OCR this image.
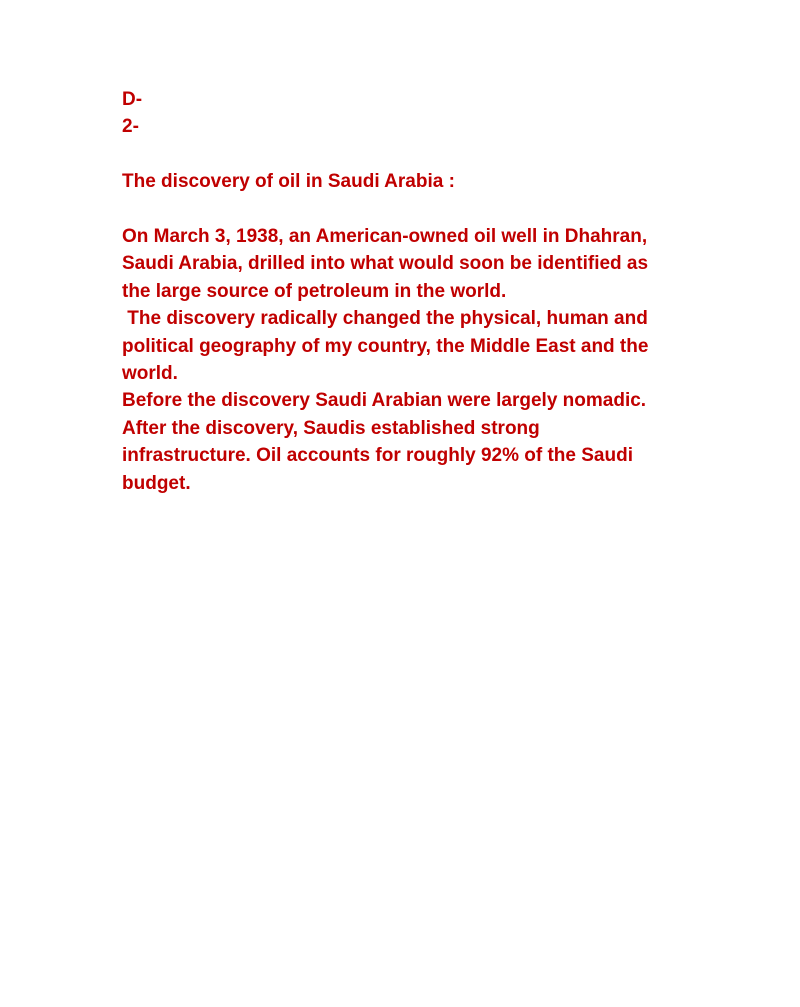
D-
2-
The discovery of oil in Saudi Arabia :
On March 3, 1938, an American-owned oil well in Dhahran,
Saudi Arabia, drilled into what would soon be identified as
the large source of petroleum in the world.
The discovery radically changed the physical, human and
political geography of my country, the Middle East and the
world.
Before the discovery Saudi Arabian were largely nomadic.
After the discovery, Saudis established strong
infrastructure. Oil accounts for roughly 92% of the Saudi
budget.
